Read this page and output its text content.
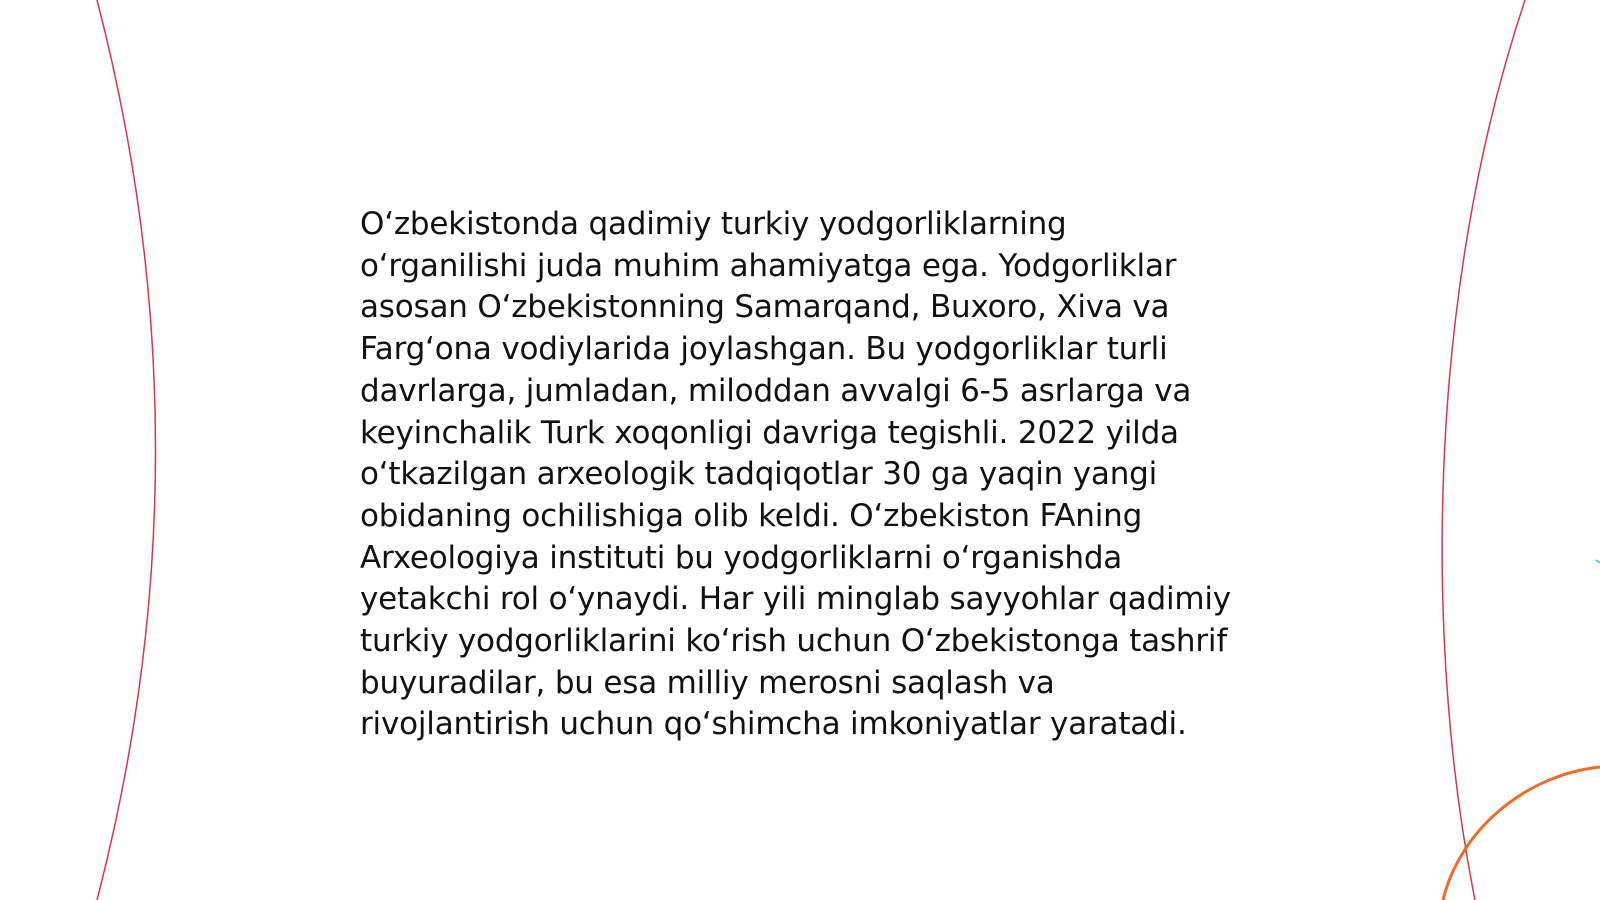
O‘zbekistonda qadimiy turkiy yodgorliklarning o‘rganilishi juda muhim ahamiyatga ega. Yodgorliklar asosan O‘zbekistonning Samarqand, Buxoro, Xiva va Farg‘ona vodiylarida joylashgan. Bu yodgorliklar turli davrlarga, jumladan, miloddan avvalgi 6-5 asrlarga va keyinchalik Turk xoqonligi davriga tegishli. 2022 yilda o‘tkazilgan arxeologik tadqiqotlar 30 ga yaqin yangi obidaning ochilishiga olib keldi. O‘zbekiston FAning Arxeologiya instituti bu yodgorliklarni o‘rganishda yetakchi rol o‘ynaydi. Har yili minglab sayyohlar qadimiy turkiy yodgorliklarini ko‘rish uchun O‘zbekistonga tashrif buyuradilar, bu esa milliy merosni saqlash va rivojlantirish uchun qo‘shimcha imkoniyatlar yaratadi.
